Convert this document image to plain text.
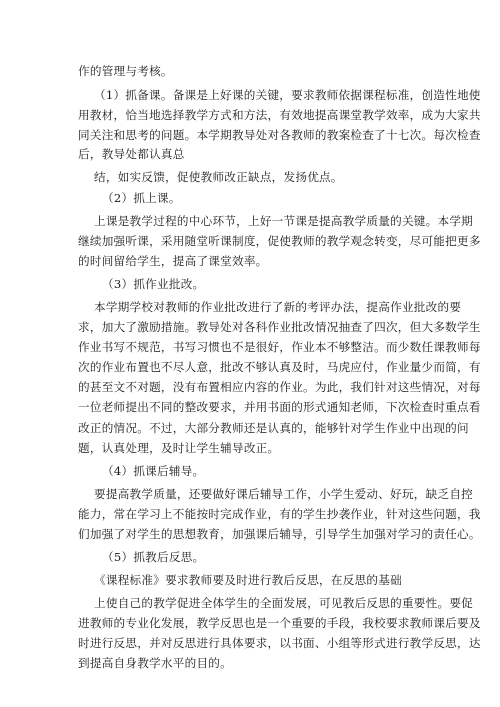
作的管理与考核。
（1）抓备课。备课是上好课的关键，要求教师依据课程标准，创造性地使
用教材，恰当地选择教学方式和方法，有效地提高课堂教学效率，成为大家共
同关注和思考的问题。本学期教导处对各教师的教案检查了十七次。每次检查
后，教导处都认真总
结，如实反馈，促使教师改正缺点，发扬优点。
（2）抓上课。
上课是教学过程的中心环节，上好一节课是提高教学质量的关键。本学期
继续加强听课，采用随堂听课制度，促使教师的教学观念转变，尽可能把更多
的时间留给学生，提高了课堂效率。
（3）抓作业批改。
本学期学校对教师的作业批改进行了新的考评办法，提高作业批改的要
求，加大了激励措施。教导处对各科作业批改情况抽查了四次，但大多数学生
作业书写不规范，书写习惯也不是很好，作业本不够整洁。而少数任课教师每
次的作业布置也不尽人意，批改不够认真及时，马虎应付，作业量少而简，有
的甚至文不对题，没有布置相应内容的作业。为此，我们针对这些情况，对每
一位老师提出不同的整改要求，并用书面的形式通知老师，下次检查时重点看
改正的情况。不过，大部分教师还是认真的，能够针对学生作业中出现的问
题，认真处理，及时让学生辅导改正。
（4）抓课后辅导。
要提高教学质量，还要做好课后辅导工作，小学生爱动、好玩，缺乏自控
能力，常在学习上不能按时完成作业，有的学生抄袭作业，针对这些问题，我
们加强了对学生的思想教育，加强课后辅导，引导学生加强对学习的责任心。
（5）抓教后反思。
《课程标准》要求教师要及时进行教后反思，在反思的基础
上使自己的教学促进全体学生的全面发展，可见教后反思的重要性。要促
进教师的专业化发展，教学反思也是一个重要的手段，我校要求教师课后要及
时进行反思，并对反思进行具体要求，以书面、小组等形式进行教学反思，达
到提高自身教学水平的目的。
